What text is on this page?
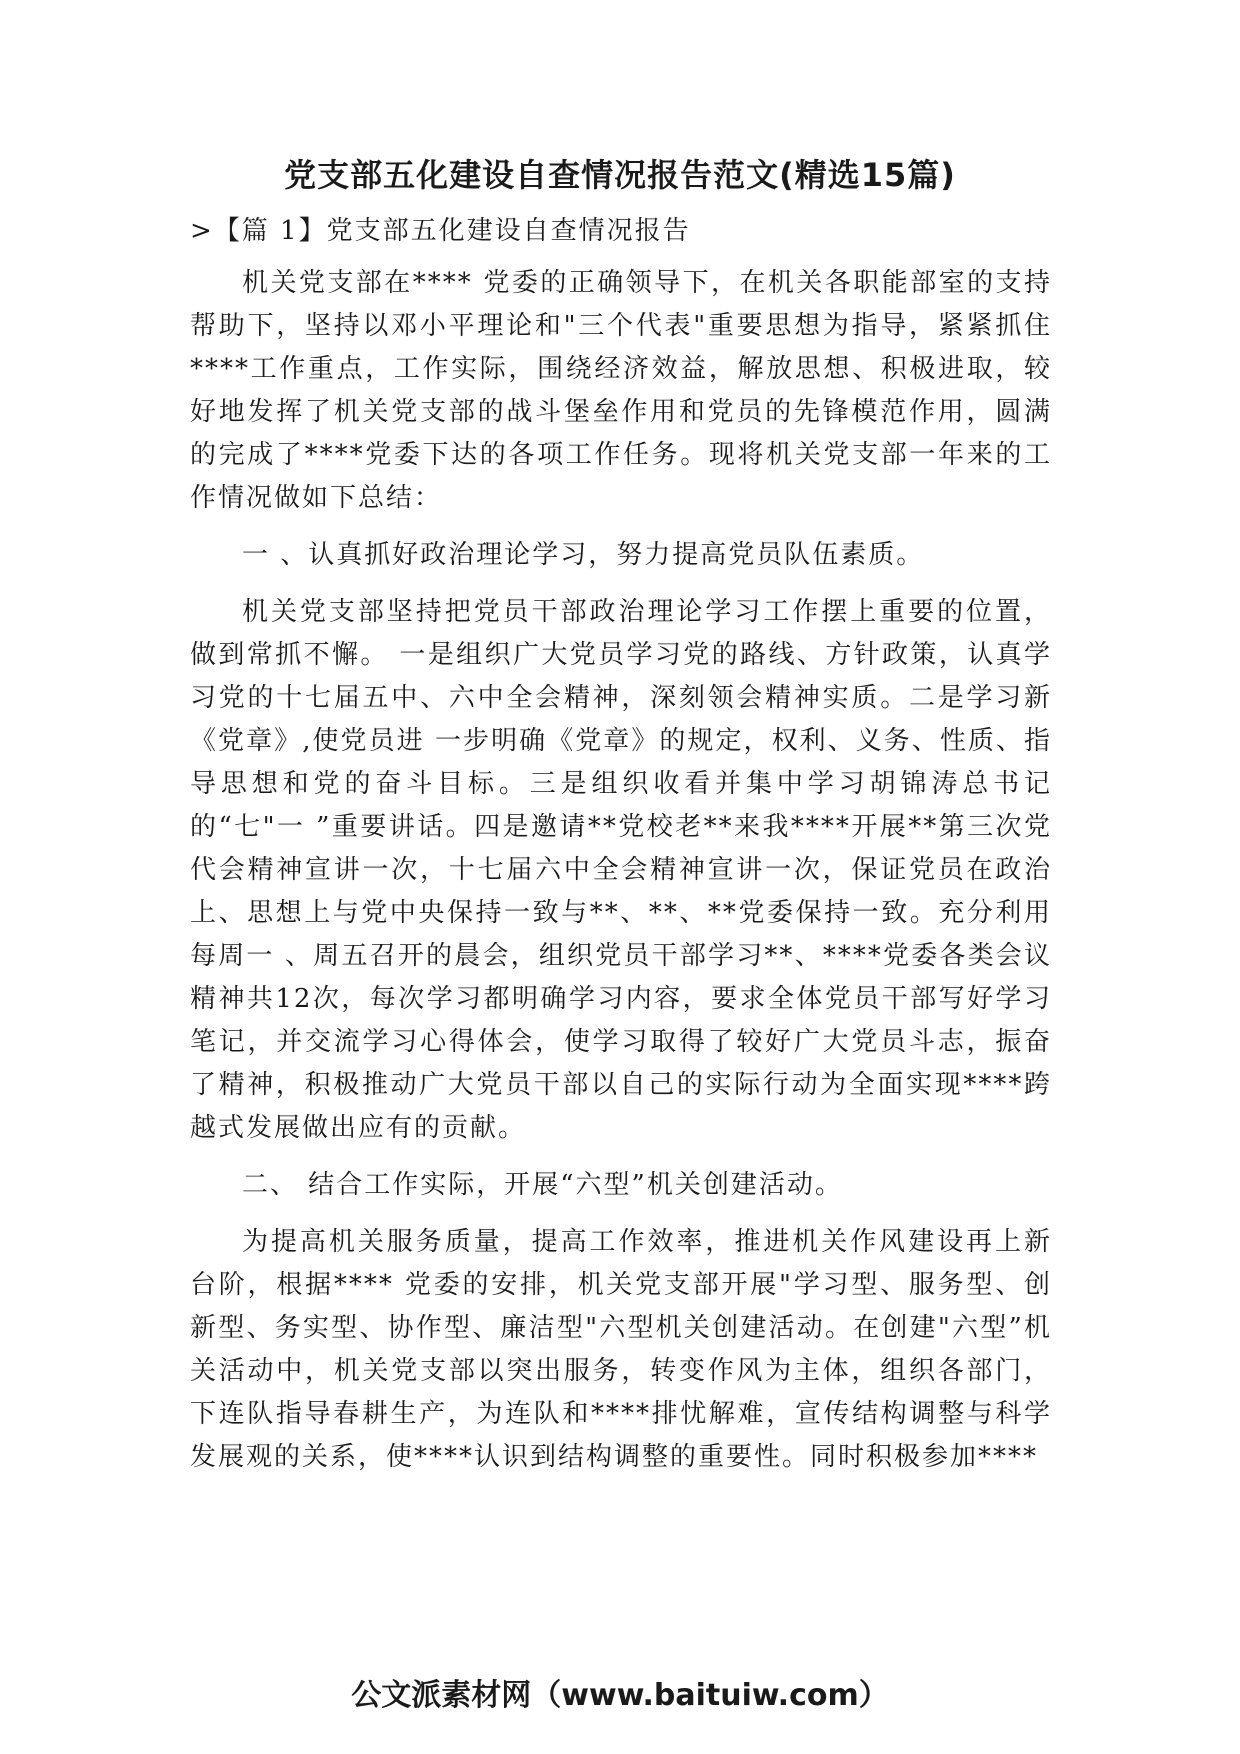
党支部五化建设自查情况报告范文(精选15篇)
>【篇 1】党支部五化建设自查情况报告

机关党支部在**** 党委的正确领导下，在机关各职能部室的支持帮助下，坚持以邓小平理论和"三个代表"重要思想为指导，紧紧抓住****工作重点，工作实际，围绕经济效益，解放思想、积极进取，较好地发挥了机关党支部的战斗堡垒作用和党员的先锋模范作用，圆满的完成了****党委下达的各项工作任务。现将机关党支部一年来的工作情况做如下总结：

一 、认真抓好政治理论学习，努力提高党员队伍素质。

机关党支部坚持把党员干部政治理论学习工作摆上重要的位置，做到常抓不懈。 一是组织广大党员学习党的路线、方针政策，认真学习党的十七届五中、六中全会精神，深刻领会精神实质。二是学习新《党章》,使党员进 一步明确《党章》的规定，权利、义务、性质、指导思想和党的奋斗目标。三是组织收看并集中学习胡锦涛总书记的“七"一 ”重要讲话。四是邀请**党校老**来我****开展**第三次党代会精神宣讲一次，十七届六中全会精神宣讲一次，保证党员在政治上、思想上与党中央保持一致与**、**、**党委保持一致。充分利用每周一 、周五召开的晨会，组织党员干部学习**、****党委各类会议精神共12次，每次学习都明确学习内容，要求全体党员干部写好学习笔记，并交流学习心得体会，使学习取得了较好广大党员斗志，振奋了精神，积极推动广大党员干部以自己的实际行动为全面实现****跨越式发展做出应有的贡献。

二、 结合工作实际，开展“六型”机关创建活动。

为提高机关服务质量，提高工作效率，推进机关作风建设再上新台阶，根据**** 党委的安排，机关党支部开展"学习型、服务型、创新型、务实型、协作型、廉洁型"六型机关创建活动。在创建"六型”机关活动中，机关党支部以突出服务，转变作风为主体，组织各部门，下连队指导春耕生产，为连队和****排忧解难，宣传结构调整与科学发展观的关系，使****认识到结构调整的重要性。同时积极参加****

公文派素材网（www.baituiw.com）
